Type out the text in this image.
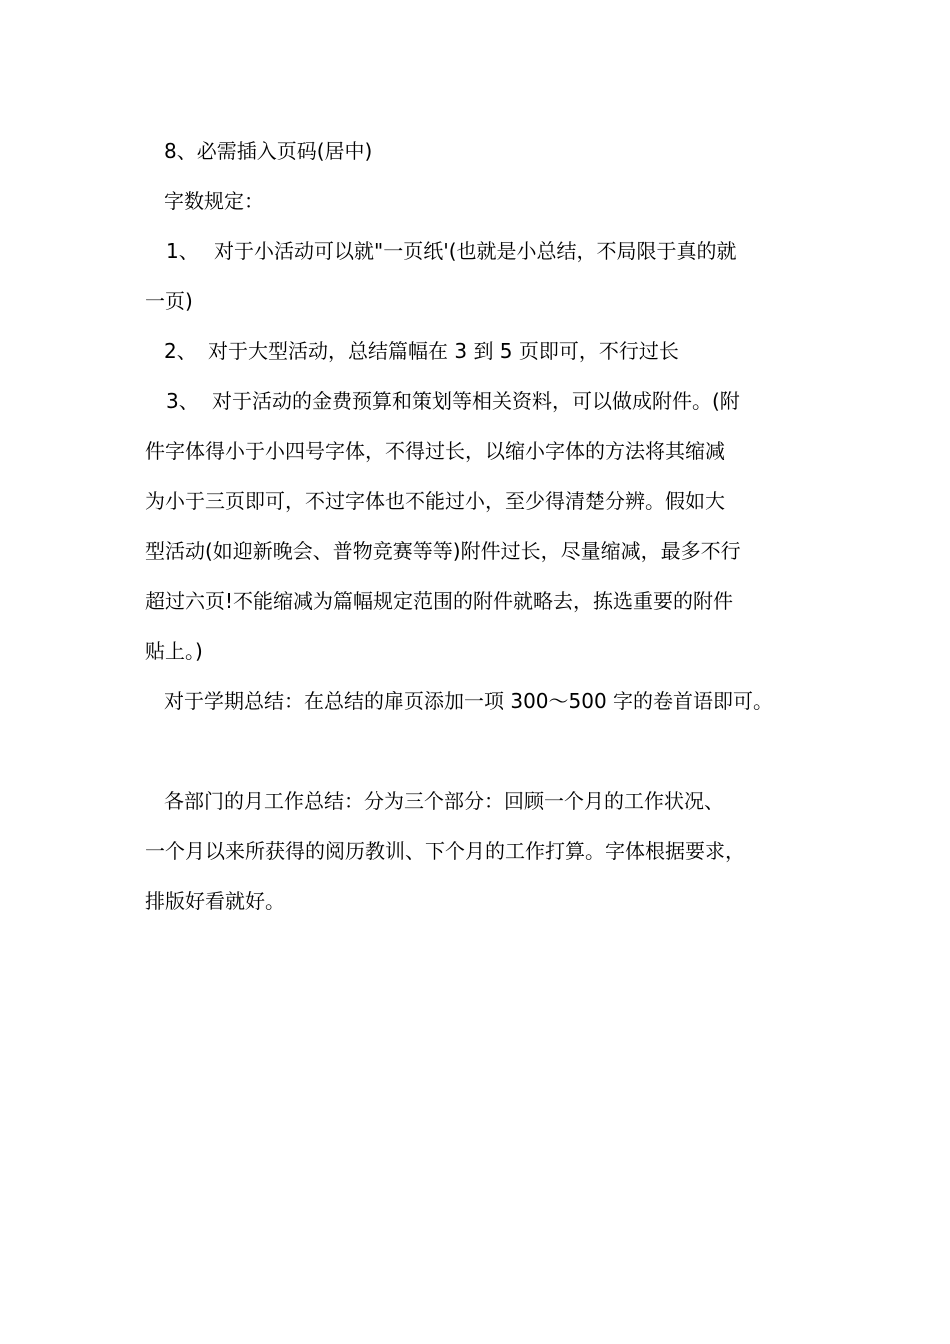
8、必需插入页码(居中)
字数规定：
1、 对于小活动可以就"一页纸'(也就是小总结，不局限于真的就
一页)
2、 对于大型活动，总结篇幅在 3 到 5 页即可，不行过长
3、 对于活动的金费预算和策划等相关资料，可以做成附件。(附
件字体得小于小四号字体，不得过长，以缩小字体的方法将其缩减
为小于三页即可，不过字体也不能过小，至少得清楚分辨。假如大
型活动(如迎新晚会、普物竞赛等等)附件过长，尽量缩减，最多不行
超过六页!不能缩减为篇幅规定范围的附件就略去，拣选重要的附件
贴上。)
对于学期总结：在总结的扉页添加一项 300～500 字的卷首语即可。
各部门的月工作总结：分为三个部分：回顾一个月的工作状况、
一个月以来所获得的阅历教训、下个月的工作打算。字体根据要求，
排版好看就好。
